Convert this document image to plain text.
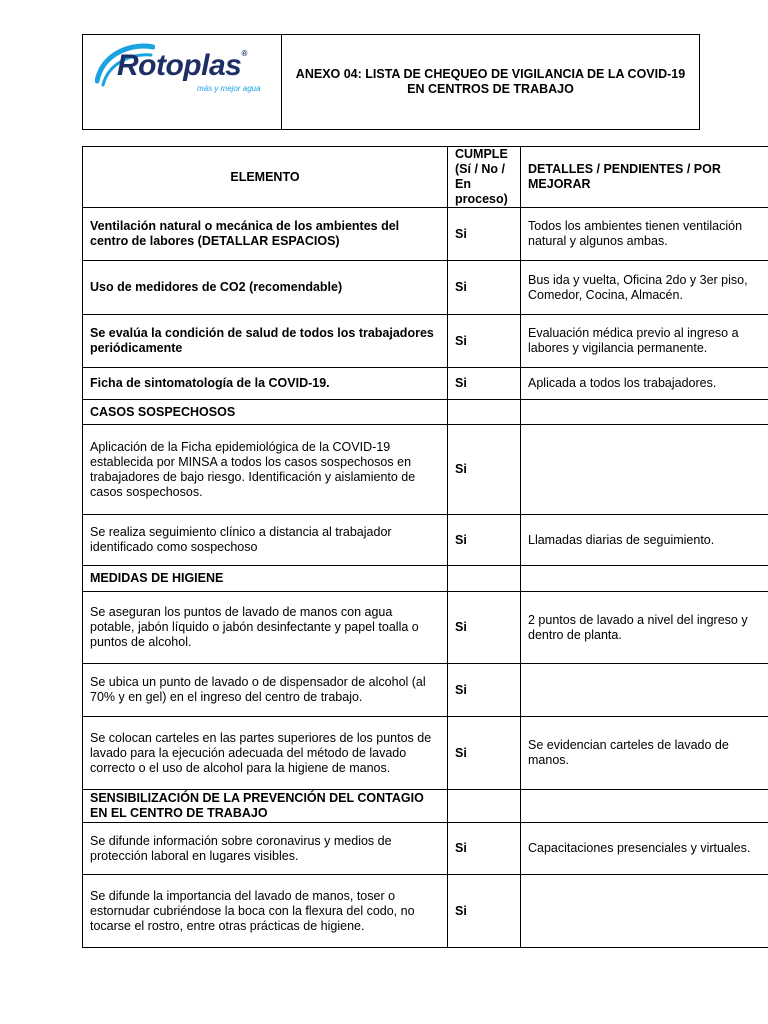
Rotoplas®
más y mejor agua
ANEXO 04: LISTA DE CHEQUEO DE VIGILANCIA DE LA COVID-19
EN CENTROS DE TRABAJO
ELEMENTO	CUMPLE (Sí / No / En proceso)	DETALLES / PENDIENTES / POR MEJORAR
Ventilación natural o mecánica de los ambientes del centro de labores (DETALLAR ESPACIOS)	Si	Todos los ambientes tienen ventilación natural y algunos ambas.
Uso de medidores de CO2 (recomendable)	Si	Bus ida y vuelta, Oficina 2do y 3er piso, Comedor, Cocina, Almacén.
Se evalúa la condición de salud de todos los trabajadores periódicamente	Si	Evaluación médica previo al ingreso a labores y vigilancia permanente.
Ficha de sintomatología de la COVID-19.	Si	Aplicada a todos los trabajadores.
CASOS SOSPECHOSOS		
Aplicación de la Ficha epidemiológica de la COVID-19 establecida por MINSA a todos los casos sospechosos en trabajadores de bajo riesgo. Identificación y aislamiento de casos sospechosos.	Si	
Se realiza seguimiento clínico a distancia al trabajador identificado como sospechoso	Si	Llamadas diarias de seguimiento.
MEDIDAS DE HIGIENE		
Se aseguran los puntos de lavado de manos con agua potable, jabón líquido o jabón desinfectante y papel toalla o puntos de alcohol.	Si	2 puntos de lavado a nivel del ingreso y dentro de planta.
Se ubica un punto de lavado o de dispensador de alcohol (al 70% y en gel) en el ingreso del centro de trabajo.	Si	
Se colocan carteles en las partes superiores de los puntos de lavado para la ejecución adecuada del método de lavado correcto o el uso de alcohol para la higiene de manos.	Si	Se evidencian carteles de lavado de manos.
SENSIBILIZACIÓN DE LA PREVENCIÓN DEL CONTAGIO EN EL CENTRO DE TRABAJO		
Se difunde información sobre coronavirus y medios de protección laboral en lugares visibles.	Si	Capacitaciones presenciales y virtuales.
Se difunde la importancia del lavado de manos, toser o estornudar cubriéndose la boca con la flexura del codo, no tocarse el rostro, entre otras prácticas de higiene.	Si	
